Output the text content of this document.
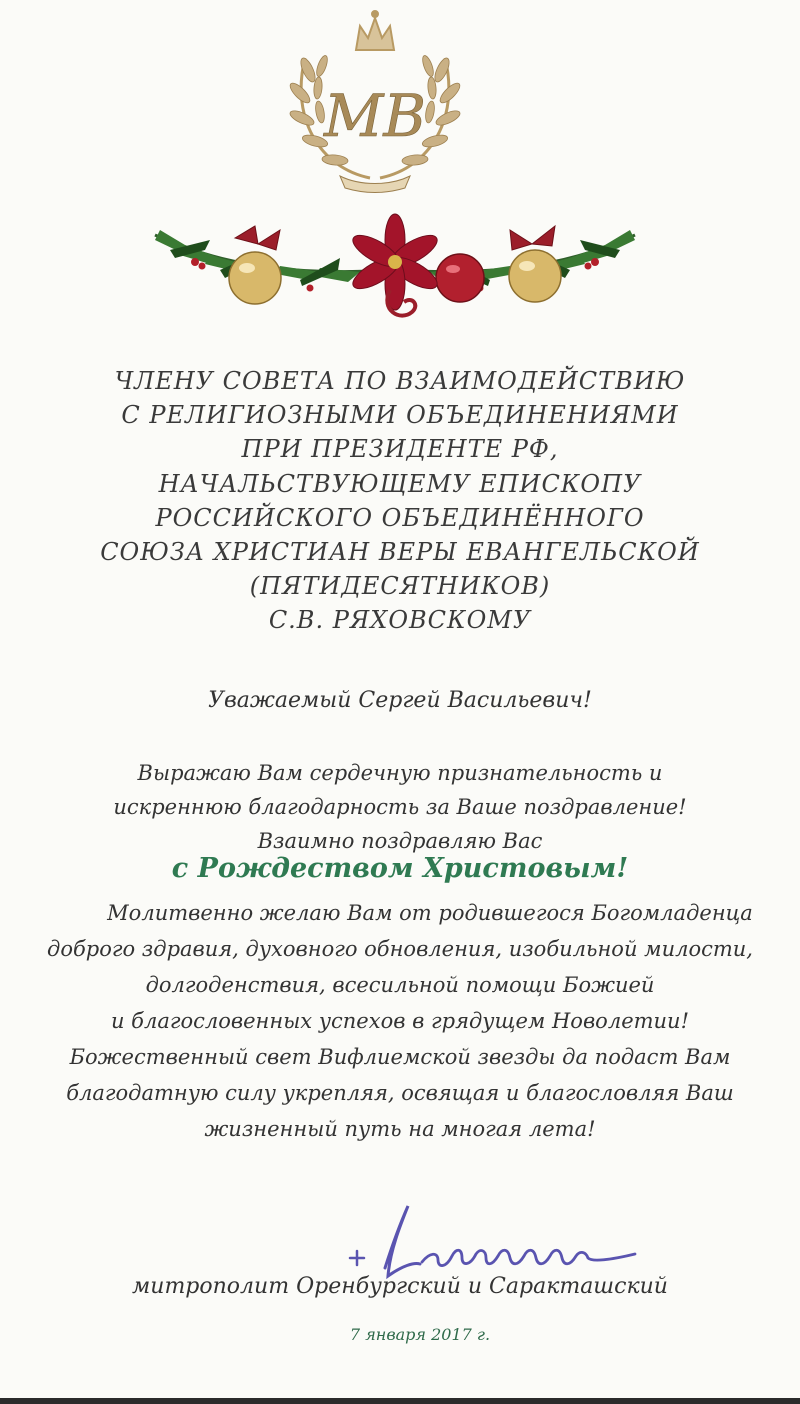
МВ
ЧЛЕНУ СОВЕТА ПО ВЗАИМОДЕЙСТВИЮ
С РЕЛИГИОЗНЫМИ ОБЪЕДИНЕНИЯМИ
ПРИ ПРЕЗИДЕНТЕ РФ,
НАЧАЛЬСТВУЮЩЕМУ ЕПИСКОПУ
РОССИЙСКОГО ОБЪЕДИНЁННОГО
СОЮЗА ХРИСТИАН ВЕРЫ ЕВАНГЕЛЬСКОЙ
(ПЯТИДЕСЯТНИКОВ)
С.В. РЯХОВСКОМУ
Уважаемый Сергей Васильевич!
Выражаю Вам сердечную признательность и
искреннюю благодарность за Ваше поздравление!
Взаимно поздравляю Вас
с Рождеством Христовым!
Молитвенно желаю Вам от родившегося Богомладенца
доброго здравия, духовного обновления, изобильной милости,
долгоденствия, всесильной помощи Божией
и благословенных успехов в грядущем Новолетии!
Божественный свет Вифлиемской звезды да подаст Вам
благодатную силу укрепляя, освящая и благословляя Ваш
жизненный путь на многая лета!
митрополит Оренбургский и Саракташский
7 января 2017 г.
